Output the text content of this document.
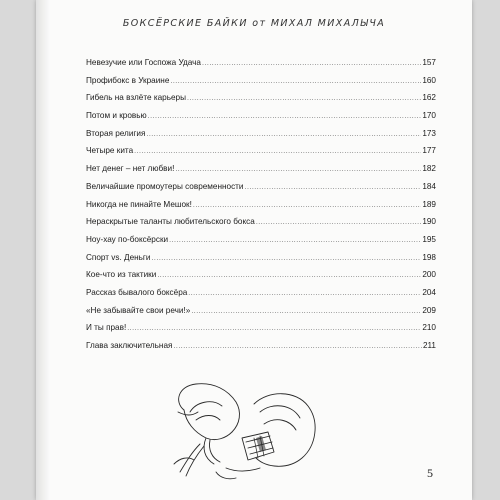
БОКСЁРСКИЕ БАЙКИ от МИХАЛ МИХАЛЫЧА
Невезучие или Госпожа Удача .....	157
Профибокс в Украине .....	160
Гибель на взлёте карьеры .....	162
Потом и кровью .....	170
Вторая религия .....	173
Четыре кита .....	177
Нет денег – нет любви! .....	182
Величайшие промоутеры современности .....	184
Никогда не пинайте Мешок! .....	189
Нераскрытые таланты любительского бокса .....	190
Ноу-хау по-боксёрски .....	195
Спорт vs. Деньги .....	198
Кое-что из тактики .....	200
Рассказ бывалого боксёра .....	204
«Не забывайте свои речи!» .....	209
И ты прав! .....	210
Глава заключительная .....	211
5
